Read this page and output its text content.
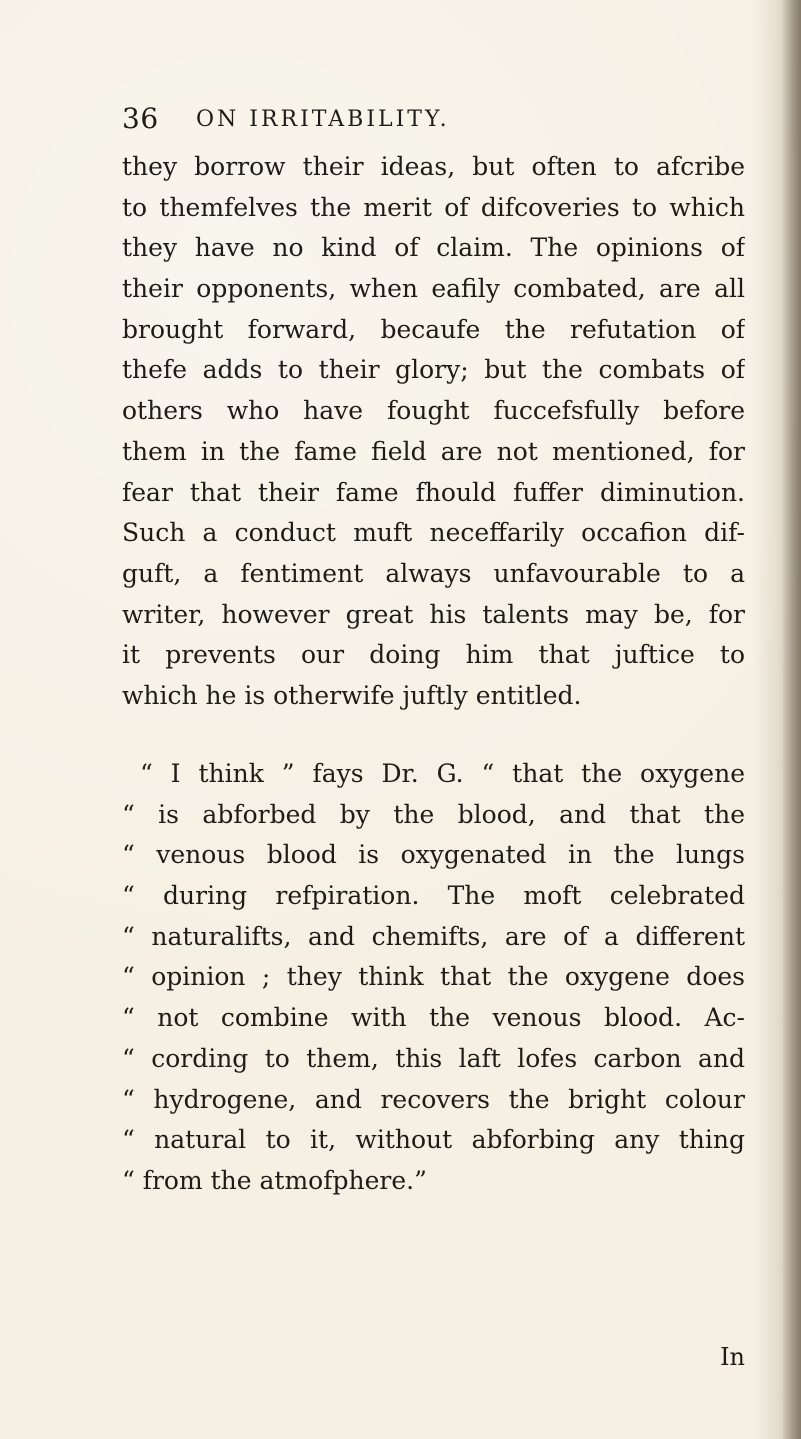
36 ON IRRITABILITY.
they borrow their ideas, but often to afcribe
to themfelves the merit of difcoveries to which
they have no kind of claim. The opinions of
their opponents, when eafily combated, are all
brought forward, becaufe the refutation of
thefe adds to their glory; but the combats of
others who have fought fuccefsfully before
them in the fame field are not mentioned, for
fear that their fame fhould fuffer diminution.
Such a conduct muft neceffarily occafion dif-
guft, a fentiment always unfavourable to a
writer, however great his talents may be, for
it prevents our doing him that juftice to
which he is otherwife juftly entitled.
“ I think ” fays Dr. G. “ that the oxygene
“ is abforbed by the blood, and that the
“ venous blood is oxygenated in the lungs
“ during refpiration. The moft celebrated
“ naturalifts, and chemifts, are of a different
“ opinion ; they think that the oxygene does
“ not combine with the venous blood. Ac-
“ cording to them, this laft lofes carbon and
“ hydrogene, and recovers the bright colour
“ natural to it, without abforbing any thing
“ from the atmofphere.”
In
